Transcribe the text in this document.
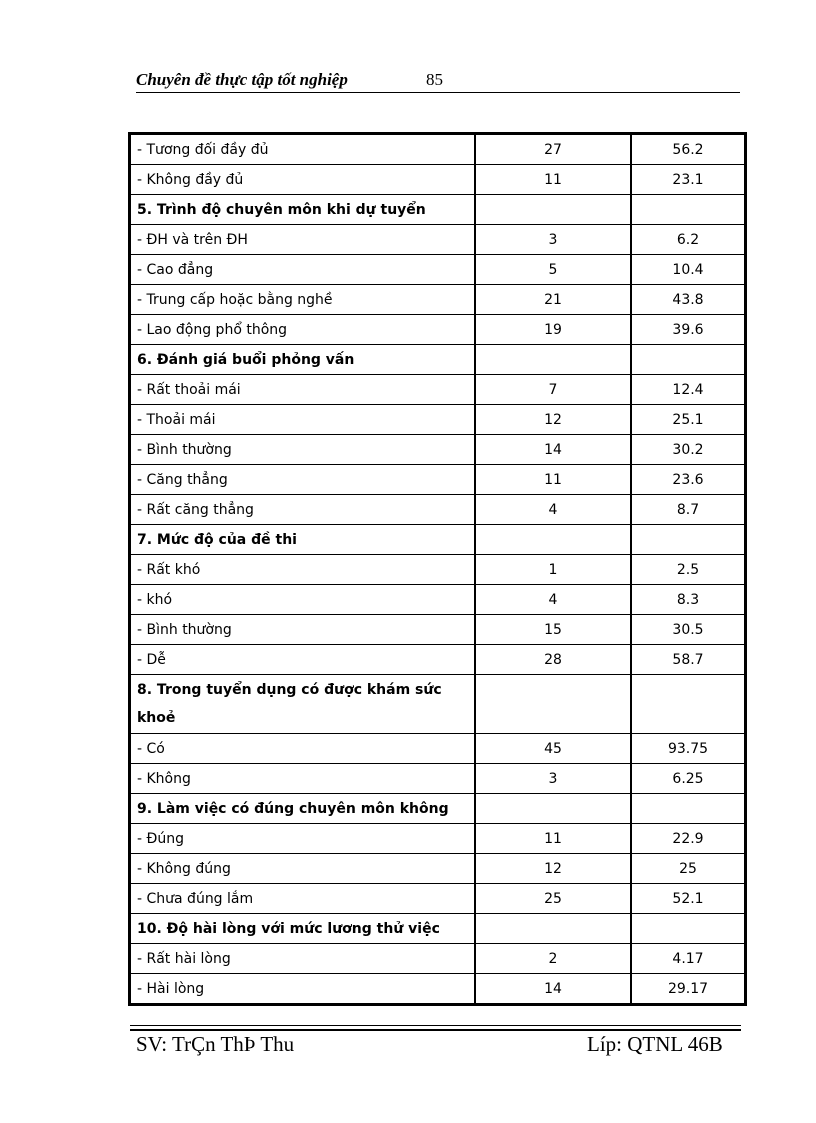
Chuyên đề thực tập tốt nghiệp	85
- Tương đối đầy đủ	27	56.2
- Không đầy đủ	11	23.1
5. Trình độ chuyên môn khi dự tuyển		
- ĐH và trên ĐH	3	6.2
- Cao đẳng	5	10.4
- Trung cấp hoặc bằng nghề	21	43.8
- Lao động phổ thông	19	39.6
6. Đánh giá buổi phỏng vấn		
- Rất thoải mái	7	12.4
- Thoải mái	12	25.1
- Bình thường	14	30.2
- Căng thẳng	11	23.6
- Rất căng thẳng	4	8.7
7. Mức độ của đề thi		
- Rất khó	1	2.5
- khó	4	8.3
- Bình thường	15	30.5
- Dễ	28	58.7
8. Trong tuyển dụng có được khám sức khoẻ		
- Có	45	93.75
- Không	3	6.25
9. Làm việc có đúng chuyên môn không		
- Đúng	11	22.9
- Không đúng	12	25
- Chưa đúng lắm	25	52.1
10. Độ hài lòng với mức lương thử việc		
- Rất hài lòng	2	4.17
- Hài lòng	14	29.17
SV: TrÇn ThÞ Thu	Líp: QTNL 46B
